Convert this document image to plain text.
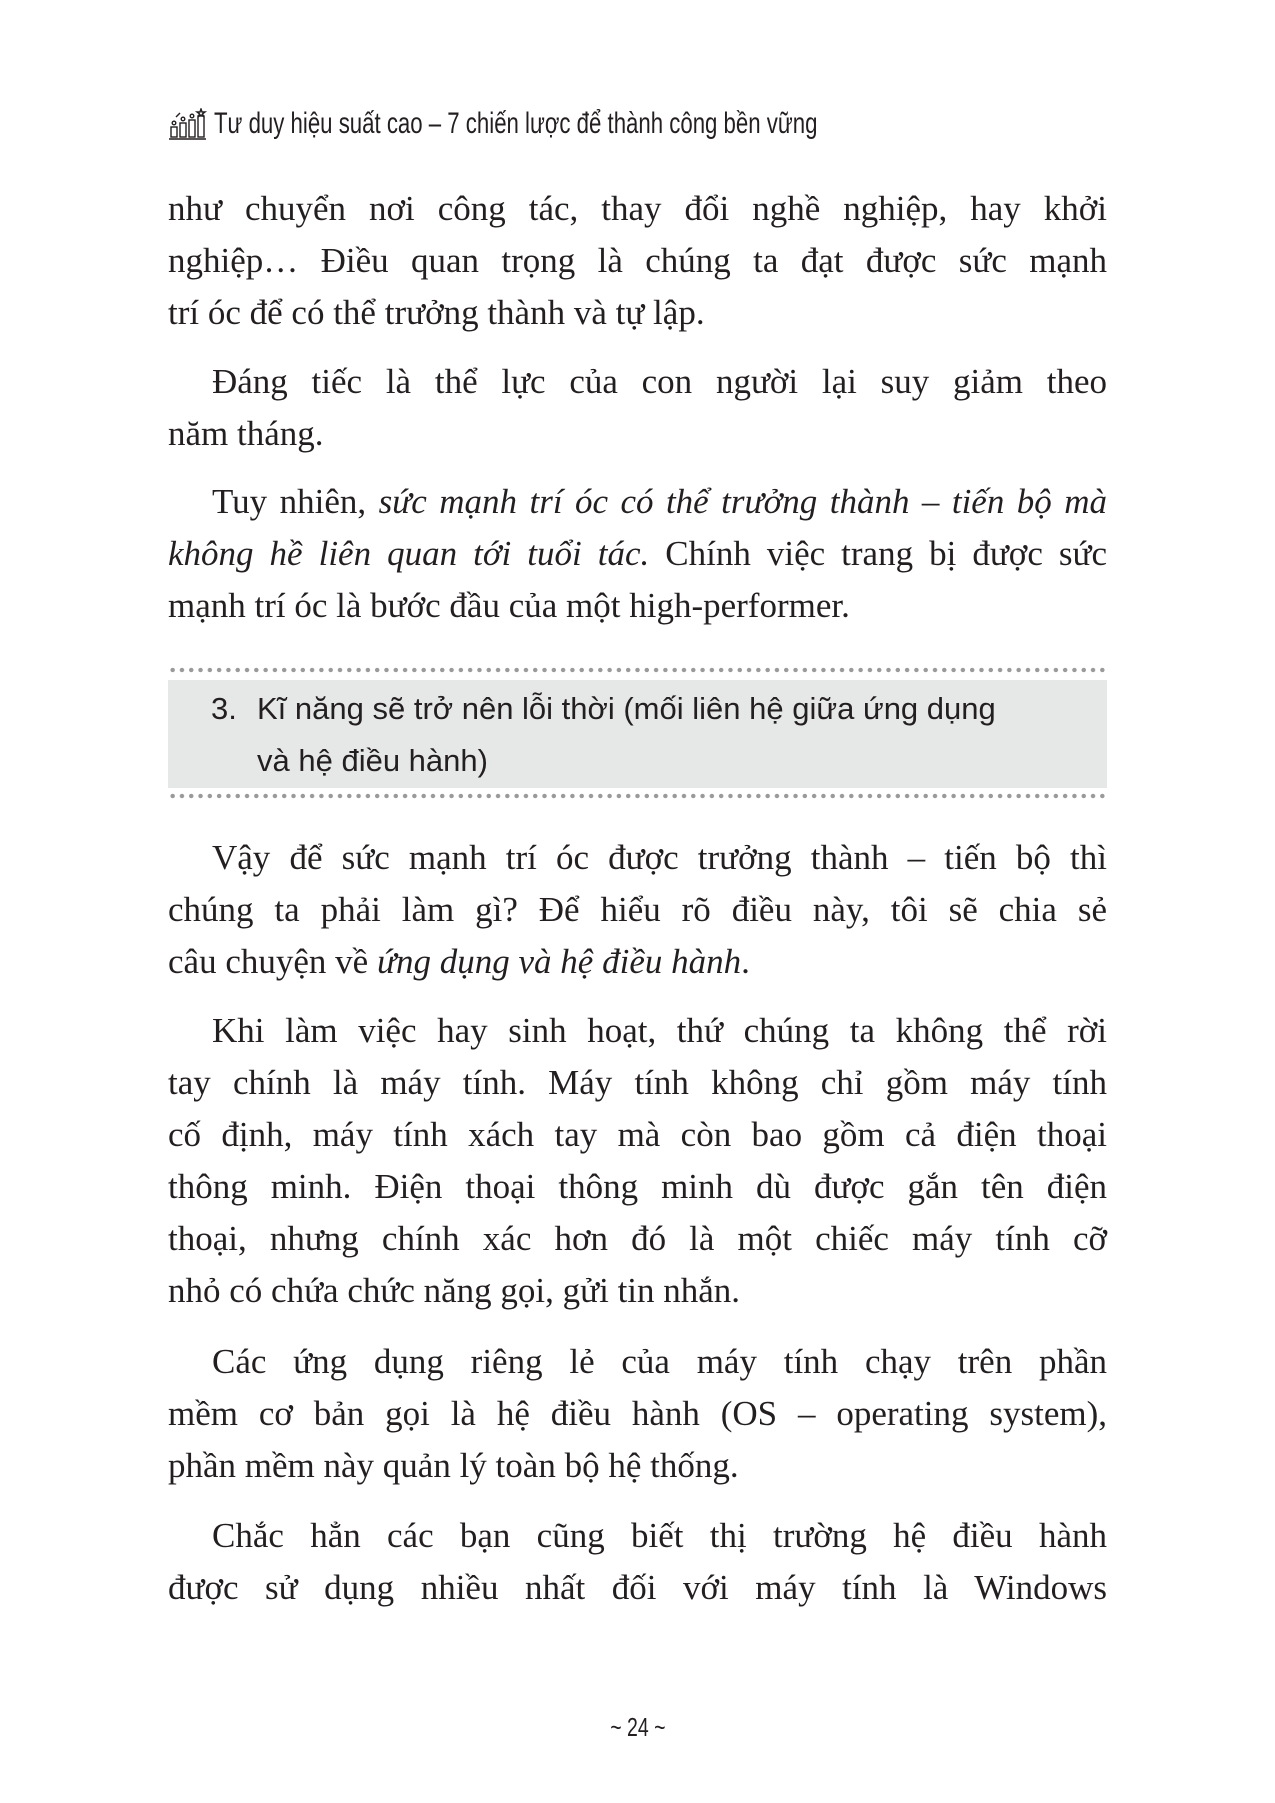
Tư duy hiệu suất cao – 7 chiến lược để thành công bền vững
như chuyển nơi công tác, thay đổi nghề nghiệp, hay khởi
nghiệp… Điều quan trọng là chúng ta đạt được sức mạnh
trí óc để có thể trưởng thành và tự lập.
Đáng tiếc là thể lực của con người lại suy giảm theo
năm tháng.
Tuy nhiên, sức mạnh trí óc có thể trưởng thành – tiến bộ mà
không hề liên quan tới tuổi tác. Chính việc trang bị được sức
mạnh trí óc là bước đầu của một high-performer.
3. Kĩ năng sẽ trở nên lỗi thời (mối liên hệ giữa ứng dụng
và hệ điều hành)
Vậy để sức mạnh trí óc được trưởng thành – tiến bộ thì
chúng ta phải làm gì? Để hiểu rõ điều này, tôi sẽ chia sẻ
câu chuyện về ứng dụng và hệ điều hành.
Khi làm việc hay sinh hoạt, thứ chúng ta không thể rời
tay chính là máy tính. Máy tính không chỉ gồm máy tính
cố định, máy tính xách tay mà còn bao gồm cả điện thoại
thông minh. Điện thoại thông minh dù được gắn tên điện
thoại, nhưng chính xác hơn đó là một chiếc máy tính cỡ
nhỏ có chứa chức năng gọi, gửi tin nhắn.
Các ứng dụng riêng lẻ của máy tính chạy trên phần
mềm cơ bản gọi là hệ điều hành (OS – operating system),
phần mềm này quản lý toàn bộ hệ thống.
Chắc hẳn các bạn cũng biết thị trường hệ điều hành
được sử dụng nhiều nhất đối với máy tính là Windows
~ 24 ~
